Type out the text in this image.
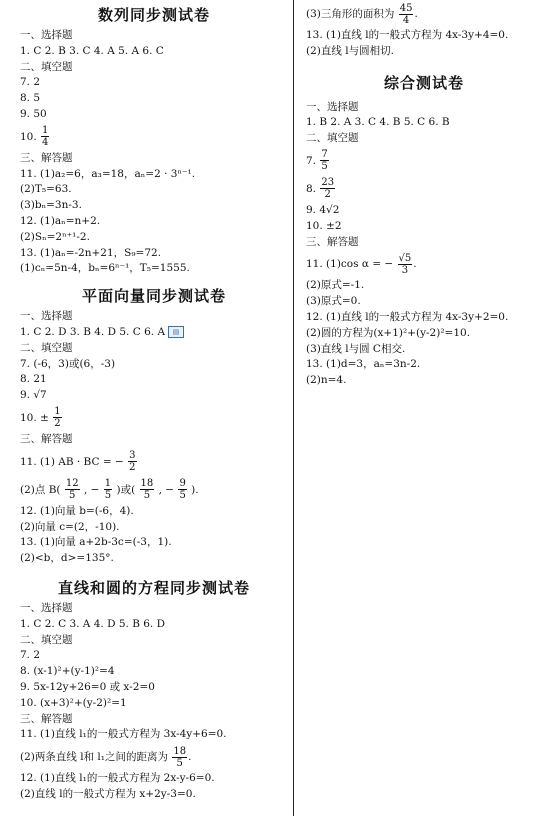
数列同步测试卷
一、选择题
1. C 2. B 3. C 4. A 5. A 6. C
二、填空题
7. 2
8. 5
9. 50
10. $\frac{1}{4}$
三、解答题
11. (1)a₂=6，a₃=18，aₙ=2 · 3ⁿ⁻¹.
(2)T₅=63.
(3)bₙ=3n-3.
12. (1)aₙ=n+2.
(2)Sₙ=2ⁿ⁺¹-2.
13. (1)aₙ=-2n+21，S₉=72.
(1)cₙ=5n-4，bₙ=6ⁿ⁻¹，T₅=1555.
平面向量同步测试卷
一、选择题
1. C 2. D 3. B 4. D 5. C 6. A ▤
二、填空题
7. (-6，3)或(6，-3)
8. 21
9. √7
10. ± $\frac{1}{2}$
三、解答题
11. (1) AB · BC = − $\frac{3}{2}$
(2)点 $B( \frac{12}{5}$ , − $\frac{1}{5}$ )或( $\frac{18}{5}$ , − $\frac{9}{5}$ ).
12. (1)向量 b=(-6，4).
(2)向量 c=(2，-10).
13. (1)向量 a+2b-3c=(-3，1).
(2)<b，d>=135°.
直线和圆的方程同步测试卷
一、选择题
1. C 2. C 3. A 4. D 5. B 6. D
二、填空题
7. 2
8. (x-1)²+(y-1)²=4
9. 5x-12y+26=0 或 x-2=0
10. (x+3)²+(y-2)²=1
三、解答题
11. (1)直线 l₁的一般式方程为 3x-4y+6=0.
(2)两条直线 l和 l₁之间的距离为 $\frac{18}{5}$ .
12. (1)直线 l₁的一般式方程为 2x-y-6=0.
(2)直线 l的一般式方程为 x+2y-3=0.
(3)三角形的面积为 $\frac{45}{4}$ .
13. (1)直线 l的一般式方程为 4x-3y+4=0.
(2)直线 l与圆相切.
综合测试卷
一、选择题
1. B 2. A 3. C 4. B 5. C 6. B
二、填空题
7. $\frac{7}{5}$
8. $\frac{23}{2}$
9. 4√2
10. ±2
三、解答题
11. (1)cos α = − $\frac{√5}{3}$ .
(2)原式=-1.
(3)原式=0.
12. (1)直线 l的一般式方程为 4x-3y+2=0.
(2)圆的方程为(x+1)²+(y-2)²=10.
(3)直线 l与圆 C相交.
13. (1)d=3，aₙ=3n-2.
(2)n=4.
